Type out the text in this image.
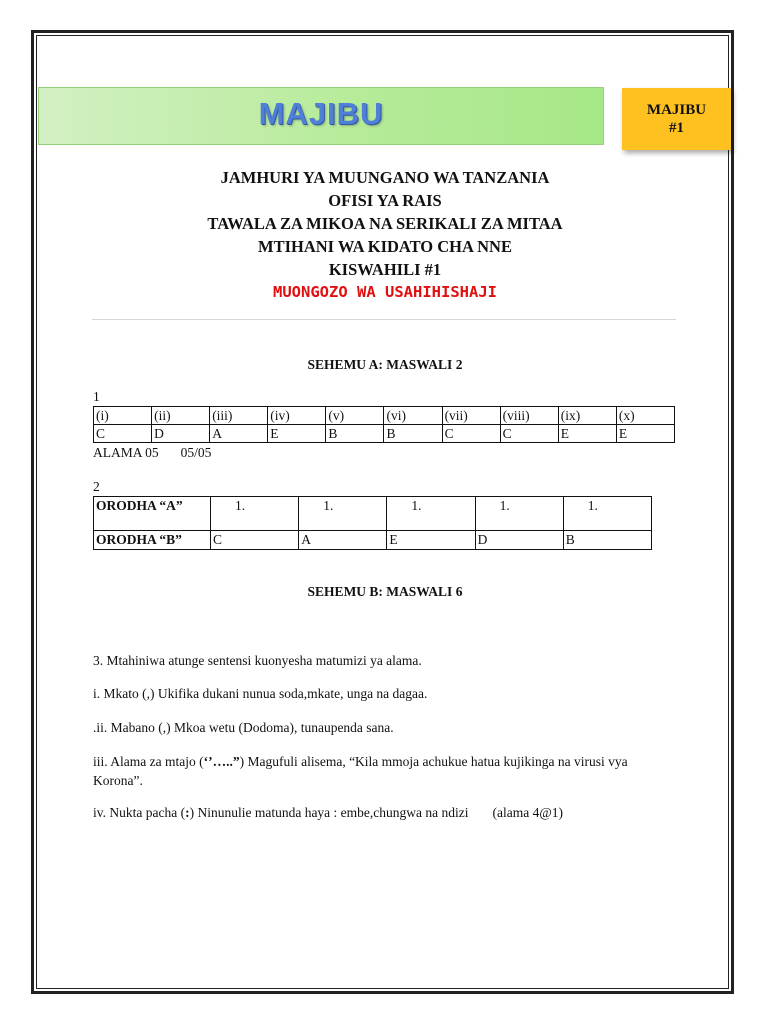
MAJIBU	MAJIBU
#1
JAMHURI YA MUUNGANO WA TANZANIA
OFISI YA RAIS
TAWALA ZA MIKOA NA SERIKALI ZA MITAA
MTIHANI WA KIDATO CHA NNE
KISWAHILI #1
MUONGOZO WA USAHIHISHAJI
SEHEMU A: MASWALI 2
1
(i)	(ii)	(iii)	(iv)	(v)	(vi)	(vii)	(viii)	(ix)	(x)
C	D	A	E	B	B	C	C	E	E
ALAMA 05 05/05
2
ORODHA “A”	1.	1.	1.	1.	1.
ORODHA “B”	C	A	E	D	B
SEHEMU B: MASWALI 6
3. Mtahiniwa atunge sentensi kuonyesha matumizi ya alama.
i. Mkato (,) Ukifika dukani nunua soda,mkate, unga na dagaa.
.ii. Mabano (,) Mkoa wetu (Dodoma), tunaupenda sana.
iii. Alama za mtajo (‘’…..”) Magufuli alisema, “Kila mmoja achukue hatua kujikinga na virusi vya Korona”.
iv. Nukta pacha (:) Ninunulie matunda haya : embe,chungwa na ndizi (alama 4@1)
